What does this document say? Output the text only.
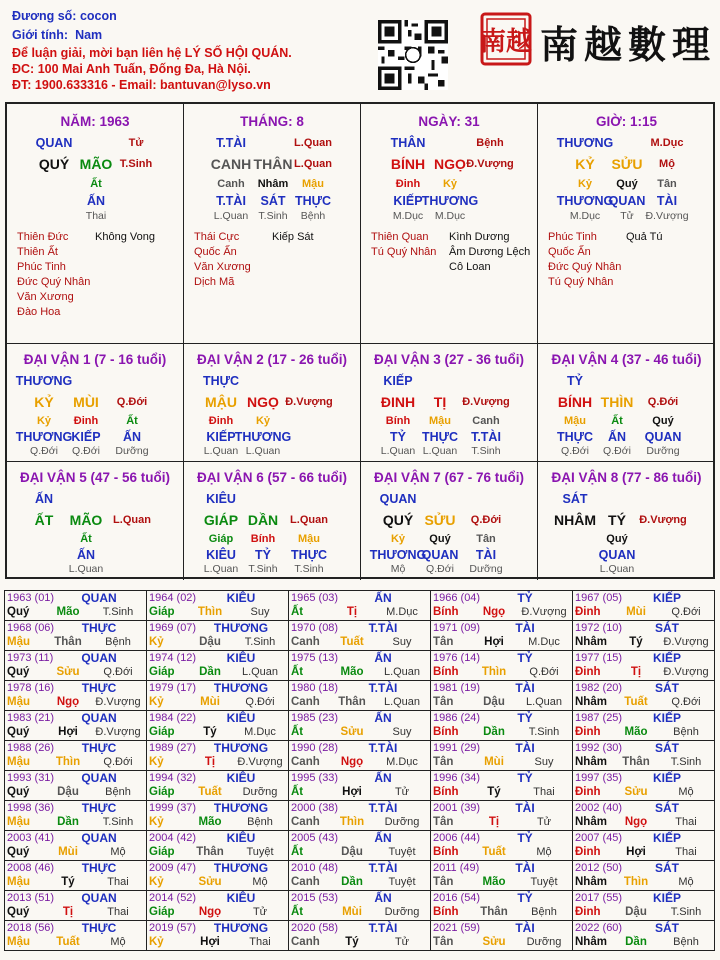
Đương số: cocon
Giới tính: Nam
Để luận giải, mời bạn liên hệ LÝ SỐ HỘI QUÁN.
ĐC: 100 Mai Anh Tuấn, Đống Đa, Hà Nội.
ĐT: 1900.633316 - Email: bantuvan@lyso.vn
南越 南越數理
NĂM: 1963
QUAN	Tử
QUÝ MÃO T.Sinh
Ất
ẤN
Thai
Thiên Đức
Thiên Ất
Phúc Tinh
Đức Quý Nhân
Văn Xương
Đào Hoa
Không Vong
THÁNG: 8
T.TÀI	L.Quan
CANH THÂN L.Quan
Canh	Nhâm	Mậu
T.TÀI	SÁT THỰC
L.Quan T.Sinh	Bệnh
Thái Cực
Quốc Ấn
Văn Xương
Dịch Mã
Kiếp Sát
NGÀY: 31
THÂN	Bệnh
BÍNH NGỌ Đ.Vượng
Đinh	Kỷ
KIẾP THƯƠNG
M.Dục	M.Dục
Thiên Quan
Tú Quý Nhân
Kình Dương
Âm Dương Lệch
Cô Loan
GIỜ: 1:15
THƯƠNG	M.Dục
KỶ	SỬU	Mộ
Kỷ	Quý	Tân
THƯƠNG
QUAN TÀI
M.Dục	Tử	Đ.Vượng
Phúc Tinh
Quốc Ấn
Đức Quý Nhân
Tú Quý Nhân
Quả Tú
ĐẠI VẬN 1 (7 - 16 tuổi)
THƯƠNG
KỶ	MÙI	Q.Đới
Kỷ	Đinh	Ất
THƯƠNG KIẾP	ẤN
Q.Đới	Q.Đới	Dưỡng
ĐẠI VẬN 2 (17 - 26 tuổi)
THỰC
MẬU NGỌ Đ.Vượng
Đinh	Kỷ
KIẾP THƯƠNG
L.Quan L.Quan
ĐẠI VẬN 3 (27 - 36 tuổi)
KIẾP
ĐINH	TỊ	Đ.Vượng
Bính	Mậu	Canh
TỶ	THỰC	T.TÀI
L.Quan L.Quan	T.Sinh
ĐẠI VẬN 4 (37 - 46 tuổi)
TỶ
BÍNH THÌN	Q.Đới
Mậu	Ất	Quý
THỰC	ẤN	QUAN
Q.Đới	Q.Đới	Dưỡng
ĐẠI VẬN 5 (47 - 56 tuổi)
ẤN
ẤT	MÃO L.Quan
Ất
ẤN
L.Quan
ĐẠI VẬN 6 (57 - 66 tuổi)
KIÊU
GIÁP DẦN	L.Quan
Giáp	Bính	Mậu
KIÊU	TỶ	THỰC
L.Quan T.Sinh	T.Sinh
ĐẠI VẬN 7 (67 - 76 tuổi)
QUAN
QUÝ SỬU	Q.Đới
Kỷ	Quý	Tân
THƯƠNG
QUAN	TÀI
Mộ	Q.Đới	Dưỡng
ĐẠI VẬN 8 (77 - 86 tuổi)
SÁT
NHÂM TÝ	Đ.Vượng
Quý
QUAN
L.Quan
1963 (01)	QUAN
Quý	Mão	T.Sinh
1964 (02)	KIÊU
Giáp	Thìn	Suy
1965 (03)	ẤN
Ất	Tị	M.Dục
1966 (04)	TỶ
Bính	Ngọ	Đ.Vượng
1967 (05)	KIẾP
Đinh	Mùi	Q.Đới
1968 (06)	THỰC
Mậu	Thân	Bệnh
1969 (07) THƯƠNG
Kỷ	Dậu	T.Sinh
1970 (08)	T.TÀI
Canh	Tuất	Suy
1971 (09)	TÀI
Tân	Hợi	M.Dục
1972 (10)	SÁT
Nhâm	Tý	Đ.Vượng
1973 (11)	QUAN
Quý	Sửu	Q.Đới
1974 (12)	KIÊU
Giáp	Dần	L.Quan
1975 (13)	ẤN
Ất	Mão	L.Quan
1976 (14)	TỶ
Bính	Thìn	Q.Đới
1977 (15)	KIẾP
Đinh	Tị	Đ.Vượng
1978 (16)	THỰC
Mậu	Ngọ	Đ.Vượng
1979 (17) THƯƠNG
Kỷ	Mùi	Q.Đới
1980 (18)	T.TÀI
Canh	Thân	L.Quan
1981 (19)	TÀI
Tân	Dậu	L.Quan
1982 (20)	SÁT
Nhâm	Tuất	Q.Đới
1983 (21)	QUAN
Quý	Hợi	Đ.Vượng
1984 (22)	KIÊU
Giáp	Tý	M.Dục
1985 (23)	ẤN
Ất	Sửu	Suy
1986 (24)	TỶ
Bính	Dần	T.Sinh
1987 (25)	KIẾP
Đinh	Mão	Bệnh
1988 (26)	THỰC
Mậu	Thìn	Q.Đới
1989 (27) THƯƠNG
Kỷ	Tị	Đ.Vượng
1990 (28)	T.TÀI
Canh	Ngọ	M.Dục
1991 (29)	TÀI
Tân	Mùi	Suy
1992 (30)	SÁT
Nhâm	Thân	T.Sinh
1993 (31)	QUAN
Quý	Dậu	Bệnh
1994 (32)	KIÊU
Giáp	Tuất	Dưỡng
1995 (33)	ẤN
Ất	Hợi	Tử
1996 (34)	TỶ
Bính	Tý	Thai
1997 (35)	KIẾP
Đinh	Sửu	Mộ
1998 (36)	THỰC
Mậu	Dần	T.Sinh
1999 (37) THƯƠNG
Kỷ	Mão	Bệnh
2000 (38)	T.TÀI
Canh	Thìn	Dưỡng
2001 (39)	TÀI
Tân	Tị	Tử
2002 (40)	SÁT
Nhâm	Ngọ	Thai
2003 (41)	QUAN
Quý	Mùi	Mộ
2004 (42)	KIÊU
Giáp	Thân	Tuyệt
2005 (43)	ẤN
Ất	Dậu	Tuyệt
2006 (44)	TỶ
Bính	Tuất	Mộ
2007 (45)	KIẾP
Đinh	Hợi	Thai
2008 (46)	THỰC
Mậu	Tý	Thai
2009 (47) THƯƠNG
Kỷ	Sửu	Mộ
2010 (48)	T.TÀI
Canh	Dần	Tuyệt
2011 (49)	TÀI
Tân	Mão	Tuyệt
2012 (50)	SÁT
Nhâm	Thìn	Mộ
2013 (51)	QUAN
Quý	Tị	Thai
2014 (52)	KIÊU
Giáp	Ngọ	Tử
2015 (53)	ẤN
Ất	Mùi	Dưỡng
2016 (54)	TỶ
Bính	Thân	Bệnh
2017 (55)	KIẾP
Đinh	Dậu	T.Sinh
2018 (56)	THỰC
Mậu	Tuất	Mộ
2019 (57) THƯƠNG
Kỷ	Hợi	Thai
2020 (58)	T.TÀI
Canh	Tý	Tử
2021 (59)	TÀI
Tân	Sửu	Dưỡng
2022 (60)	SÁT
Nhâm	Dần	Bệnh
